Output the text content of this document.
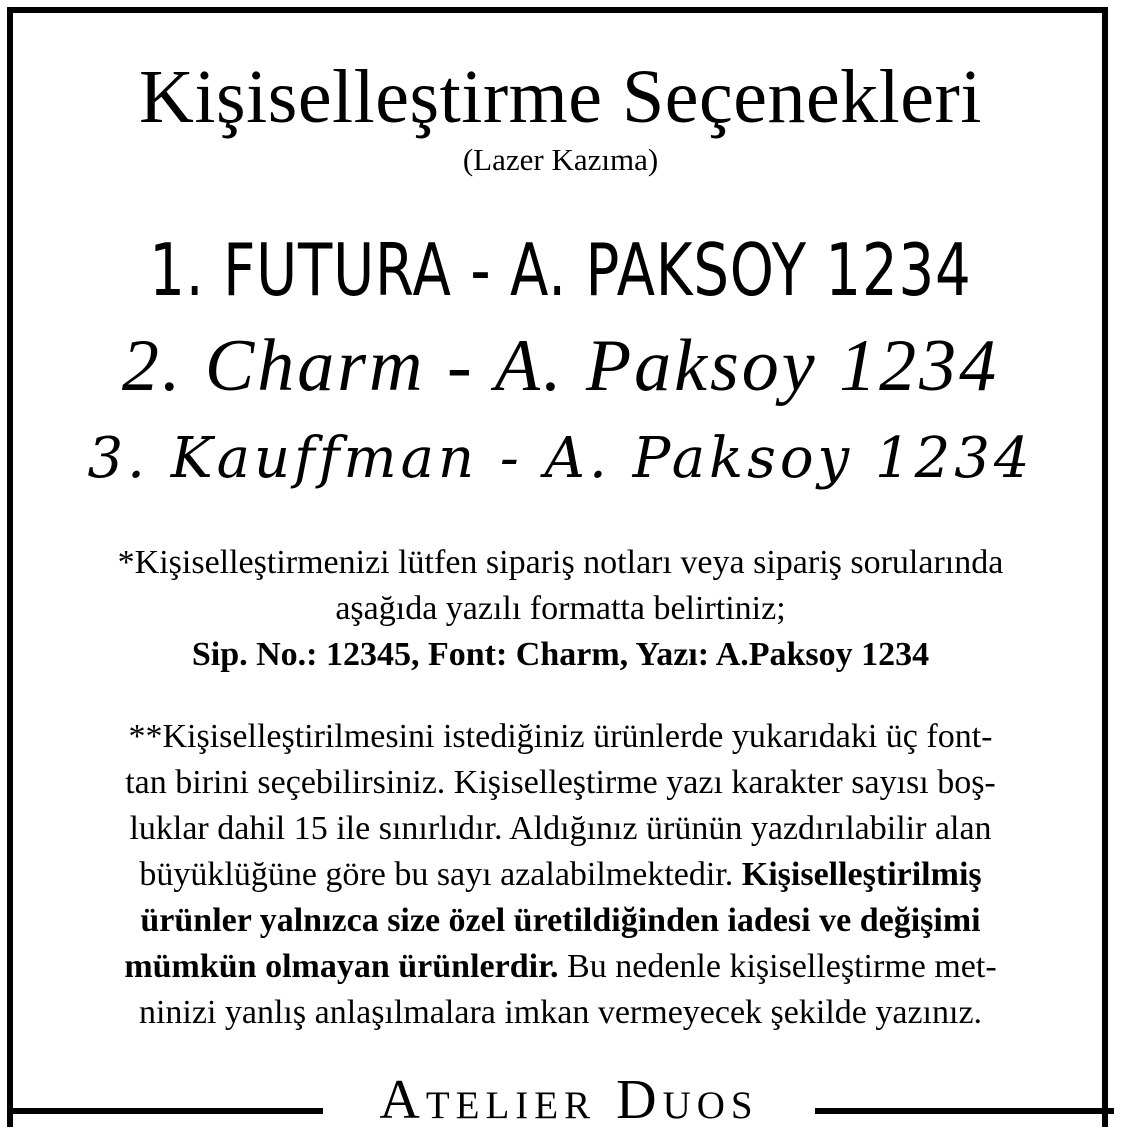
Kişiselleştirme Seçenekleri
(Lazer Kazıma)
1. FUTURA - A. PAKSOY 1234
2. Charm - A. Paksoy 1234
3. Kauffman - A. Paksoy 1234
*Kişiselleştirmenizi lütfen sipariş notları veya sipariş sorularında
aşağıda yazılı formatta belirtiniz;
Sip. No.: 12345, Font: Charm, Yazı: A.Paksoy 1234
**Kişiselleştirilmesini istediğiniz ürünlerde yukarıdaki üç font-
tan birini seçebilirsiniz. Kişiselleştirme yazı karakter sayısı boş-
luklar dahil 15 ile sınırlıdır. Aldığınız ürünün yazdırılabilir alan
büyüklüğüne göre bu sayı azalabilmektedir. Kişiselleştirilmiş
ürünler yalnızca size özel üretildiğinden iadesi ve değişimi
mümkün olmayan ürünlerdir. Bu nedenle kişiselleştirme met-
ninizi yanlış anlaşılmalara imkan vermeyecek şekilde yazınız.
Atelier Duos
